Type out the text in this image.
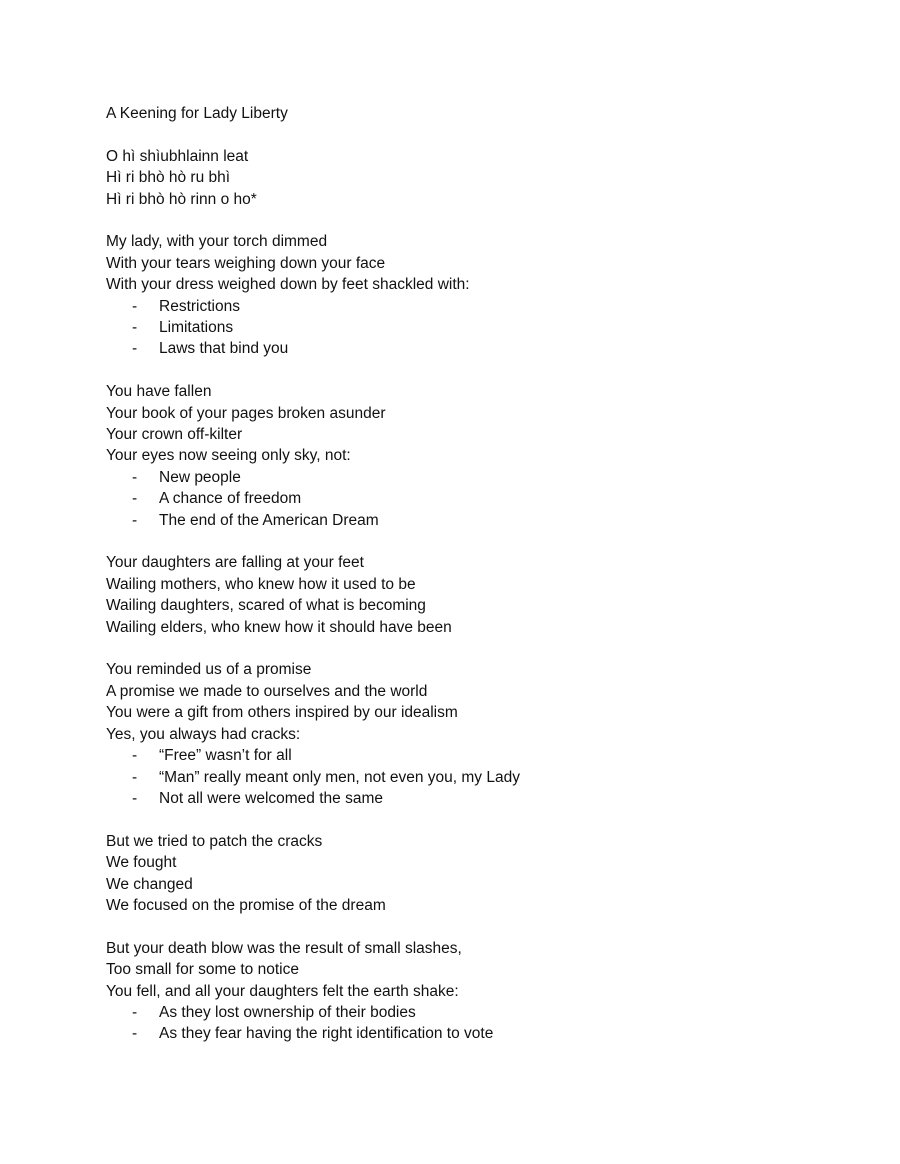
A Keening for Lady Liberty
O hì shìubhlainn leat
Hì ri bhò hò ru bhì
Hì ri bhò hò rinn o ho*
My lady, with your torch dimmed
With your tears weighing down your face
With your dress weighed down by feet shackled with:
- Restrictions
- Limitations
- Laws that bind you
You have fallen
Your book of your pages broken asunder
Your crown off-kilter
Your eyes now seeing only sky, not:
- New people
- A chance of freedom
- The end of the American Dream
Your daughters are falling at your feet
Wailing mothers, who knew how it used to be
Wailing daughters, scared of what is becoming
Wailing elders, who knew how it should have been
You reminded us of a promise
A promise we made to ourselves and the world
You were a gift from others inspired by our idealism
Yes, you always had cracks:
- “Free” wasn’t for all
- “Man” really meant only men, not even you, my Lady
- Not all were welcomed the same
But we tried to patch the cracks
We fought
We changed
We focused on the promise of the dream
But your death blow was the result of small slashes,
Too small for some to notice
You fell, and all your daughters felt the earth shake:
- As they lost ownership of their bodies
- As they fear having the right identification to vote
